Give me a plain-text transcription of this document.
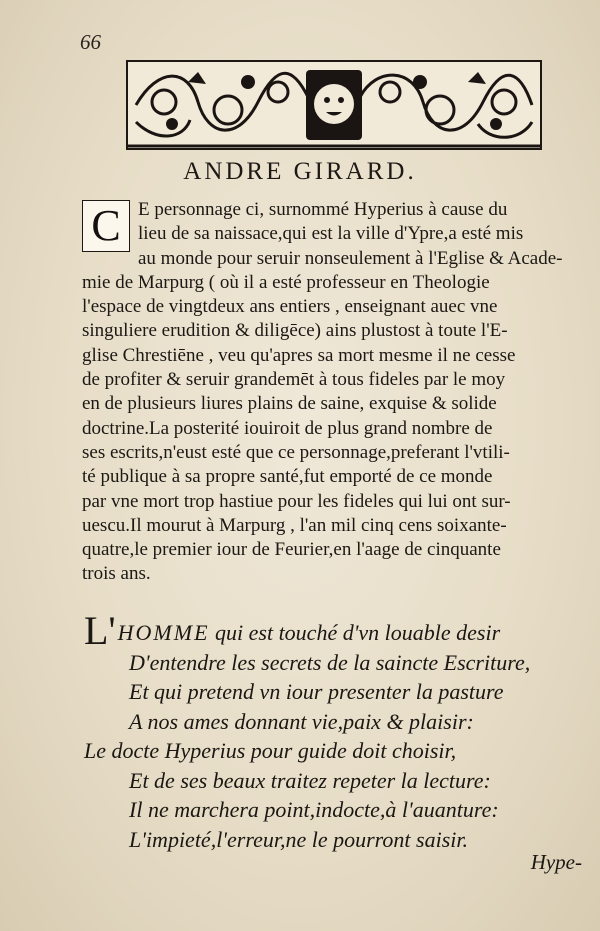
66
ANDRE GIRARD.
C E personnage ci, surnommé Hyperius à cause du
lieu de sa naissace,qui est la ville d'Ypre,a esté mis
au monde pour seruir nonseulement à l'Eglise & Acade-
mie de Marpurg ( où il a esté professeur en Theologie
l'espace de vingtdeux ans entiers , enseignant auec vne
singuliere erudition & diligēce) ains plustost à toute l'E-
glise Chrestiēne , veu qu'apres sa mort mesme il ne cesse
de profiter & seruir grandemēt à tous fideles par le moy
en de plusieurs liures plains de saine, exquise & solide
doctrine.La posterité iouiroit de plus grand nombre de
ses escrits,n'eust esté que ce personnage,preferant l'vtili-
té publique à sa propre santé,fut emporté de ce monde
par vne mort trop hastiue pour les fideles qui lui ont sur-
uescu.Il mourut à Marpurg , l'an mil cinq cens soixante-
quatre,le premier iour de Feurier,en l'aage de cinquante
trois ans.
L'HOMME qui est touché d'vn louable desir
D'entendre les secrets de la saincte Escriture,
Et qui pretend vn iour presenter la pasture
A nos ames donnant vie,paix & plaisir:
Le docte Hyperius pour guide doit choisir,
Et de ses beaux traitez repeter la lecture:
Il ne marchera point,indocte,à l'auanture:
L'impieté,l'erreur,ne le pourront saisir.
Hype-
